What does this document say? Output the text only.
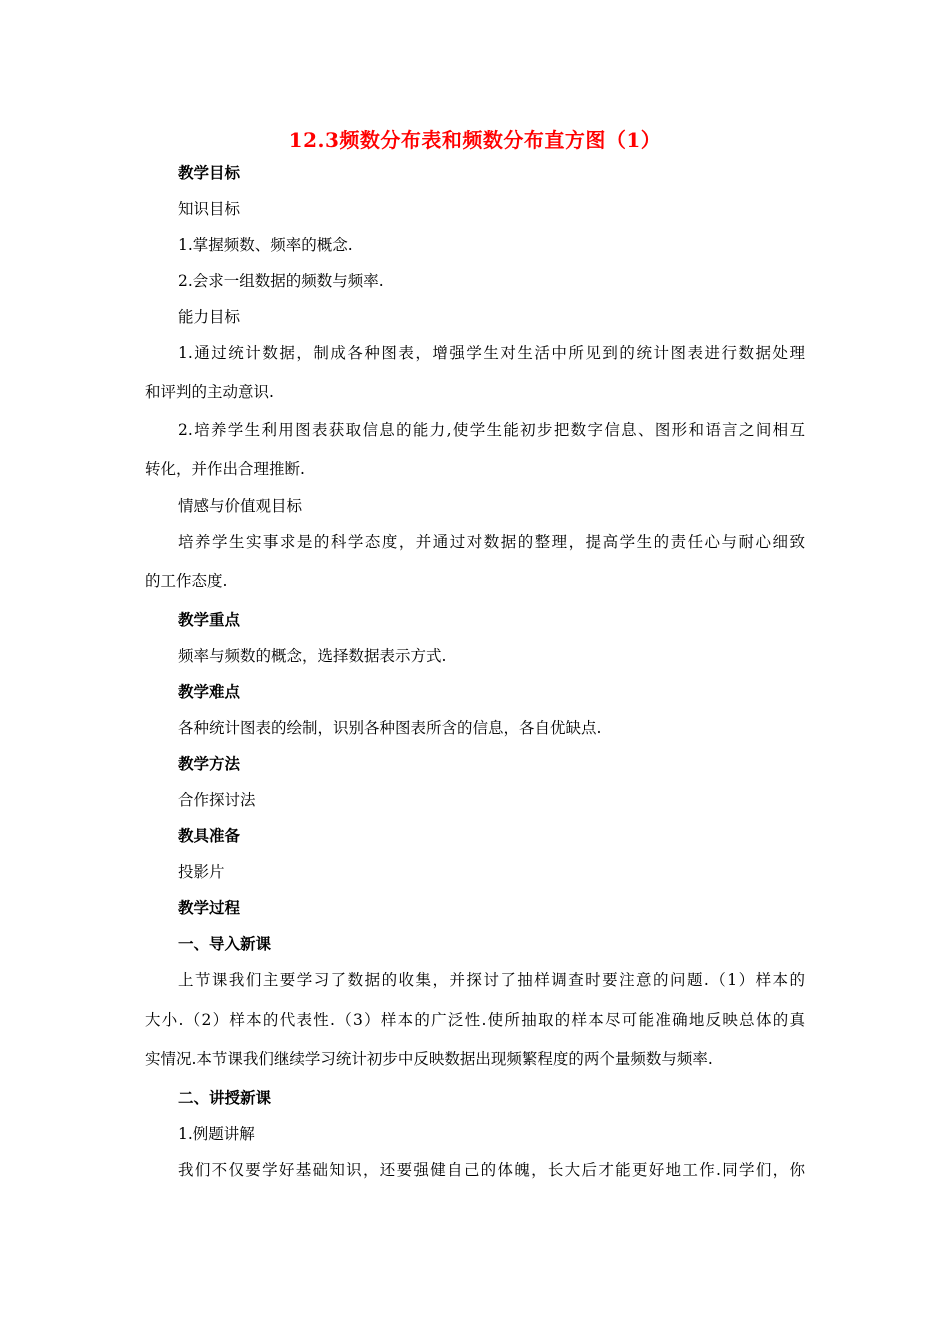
12.3频数分布表和频数分布直方图（1）
教学目标
知识目标
1.掌握频数、频率的概念.
2.会求一组数据的频数与频率.
能力目标
1.通过统计数据，制成各种图表，增强学生对生活中所见到的统计图表进行数据处理
和评判的主动意识.
2.培养学生利用图表获取信息的能力,使学生能初步把数字信息、图形和语言之间相互
转化，并作出合理推断.
情感与价值观目标
培养学生实事求是的科学态度，并通过对数据的整理，提高学生的责任心与耐心细致
的工作态度.
教学重点
频率与频数的概念，选择数据表示方式.
教学难点
各种统计图表的绘制，识别各种图表所含的信息，各自优缺点.
教学方法
合作探讨法
教具准备
投影片
教学过程
一、导入新课
上节课我们主要学习了数据的收集，并探讨了抽样调查时要注意的问题.（1）样本的
大小.（2）样本的代表性.（3）样本的广泛性.使所抽取的样本尽可能准确地反映总体的真
实情况.本节课我们继续学习统计初步中反映数据出现频繁程度的两个量频数与频率.
二、讲授新课
1.例题讲解
我们不仅要学好基础知识，还要强健自己的体魄，长大后才能更好地工作.同学们，你
